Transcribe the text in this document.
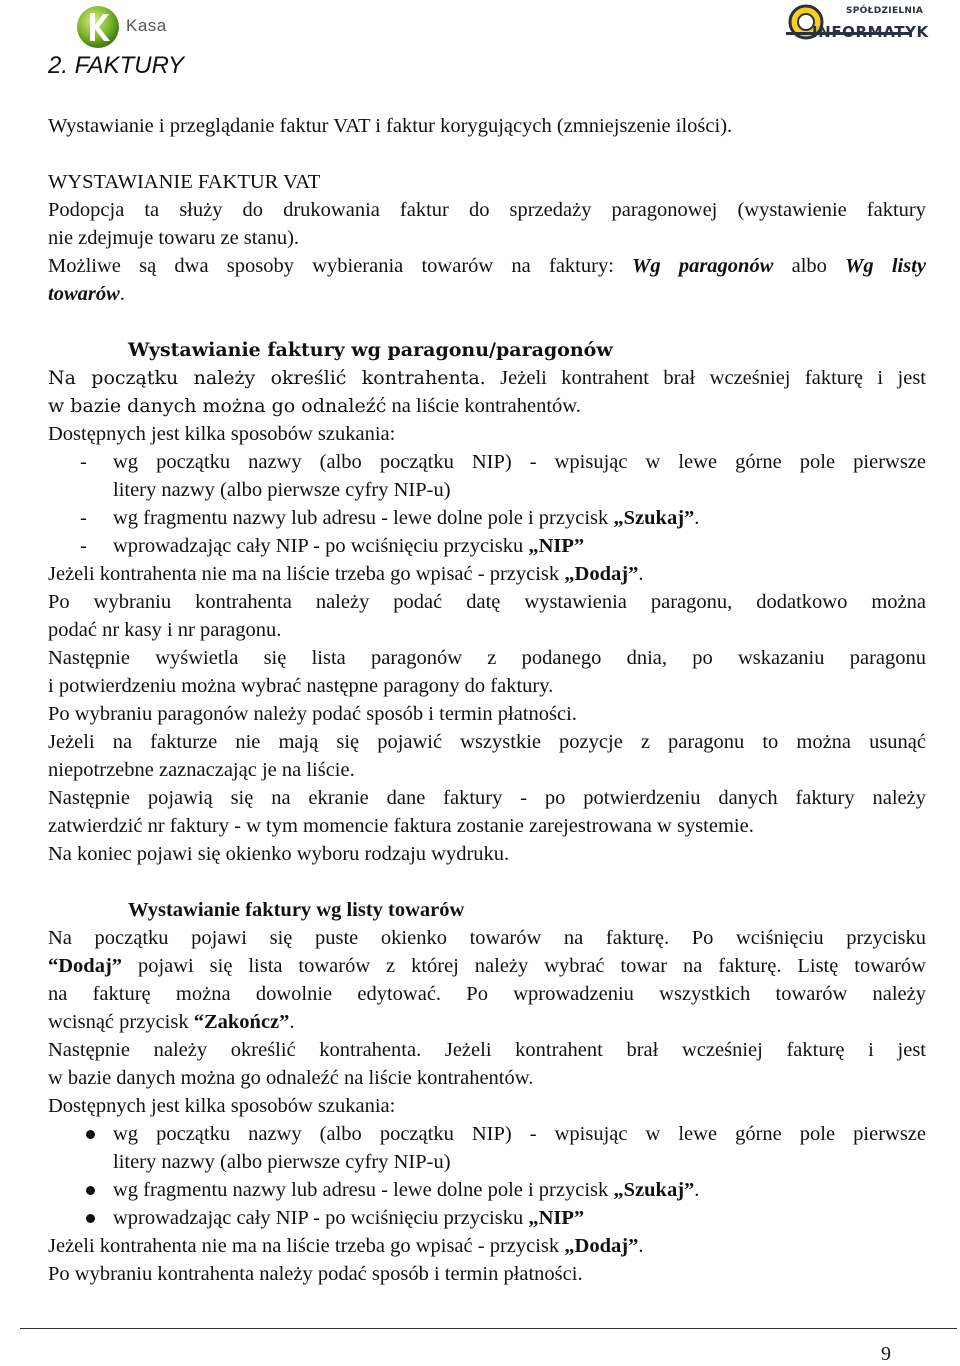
Kasa
SPÓŁDZIELNIA
INFORMATYK
2. FAKTURY
Wystawianie i przeglądanie faktur VAT i faktur korygujących (zmniejszenie ilości).
WYSTAWIANIE FAKTUR VAT
Podopcja ta służy do drukowania faktur do sprzedaży paragonowej (wystawienie faktury
nie zdejmuje towaru ze stanu).
Możliwe są dwa sposoby wybierania towarów na faktury: Wg paragonów albo Wg listy
towarów.
Wystawianie faktury wg paragonu/paragonów
Na początku należy określić kontrahenta. Jeżeli kontrahent brał wcześniej fakturę i jest
w bazie danych można go odnaleźć na liście kontrahentów.
Dostępnych jest kilka sposobów szukania:
- wg początku nazwy (albo początku NIP) - wpisując w lewe górne pole pierwsze
litery nazwy (albo pierwsze cyfry NIP-u)
- wg fragmentu nazwy lub adresu - lewe dolne pole i przycisk „Szukaj”.
- wprowadzając cały NIP - po wciśnięciu przycisku „NIP”
Jeżeli kontrahenta nie ma na liście trzeba go wpisać - przycisk „Dodaj”.
Po wybraniu kontrahenta należy podać datę wystawienia paragonu, dodatkowo można
podać nr kasy i nr paragonu.
Następnie wyświetla się lista paragonów z podanego dnia, po wskazaniu paragonu
i potwierdzeniu można wybrać następne paragony do faktury.
Po wybraniu paragonów należy podać sposób i termin płatności.
Jeżeli na fakturze nie mają się pojawić wszystkie pozycje z paragonu to można usunąć
niepotrzebne zaznaczając je na liście.
Następnie pojawią się na ekranie dane faktury - po potwierdzeniu danych faktury należy
zatwierdzić nr faktury - w tym momencie faktura zostanie zarejestrowana w systemie.
Na koniec pojawi się okienko wyboru rodzaju wydruku.
Wystawianie faktury wg listy towarów
Na początku pojawi się puste okienko towarów na fakturę. Po wciśnięciu przycisku
“Dodaj” pojawi się lista towarów z której należy wybrać towar na fakturę. Listę towarów
na fakturę można dowolnie edytować. Po wprowadzeniu wszystkich towarów należy
wcisnąć przycisk “Zakończ”.
Następnie należy określić kontrahenta. Jeżeli kontrahent brał wcześniej fakturę i jest
w bazie danych można go odnaleźć na liście kontrahentów.
Dostępnych jest kilka sposobów szukania:
wg początku nazwy (albo początku NIP) - wpisując w lewe górne pole pierwsze
litery nazwy (albo pierwsze cyfry NIP-u)
wg fragmentu nazwy lub adresu - lewe dolne pole i przycisk „Szukaj”.
wprowadzając cały NIP - po wciśnięciu przycisku „NIP”
Jeżeli kontrahenta nie ma na liście trzeba go wpisać - przycisk „Dodaj”.
Po wybraniu kontrahenta należy podać sposób i termin płatności.
9
